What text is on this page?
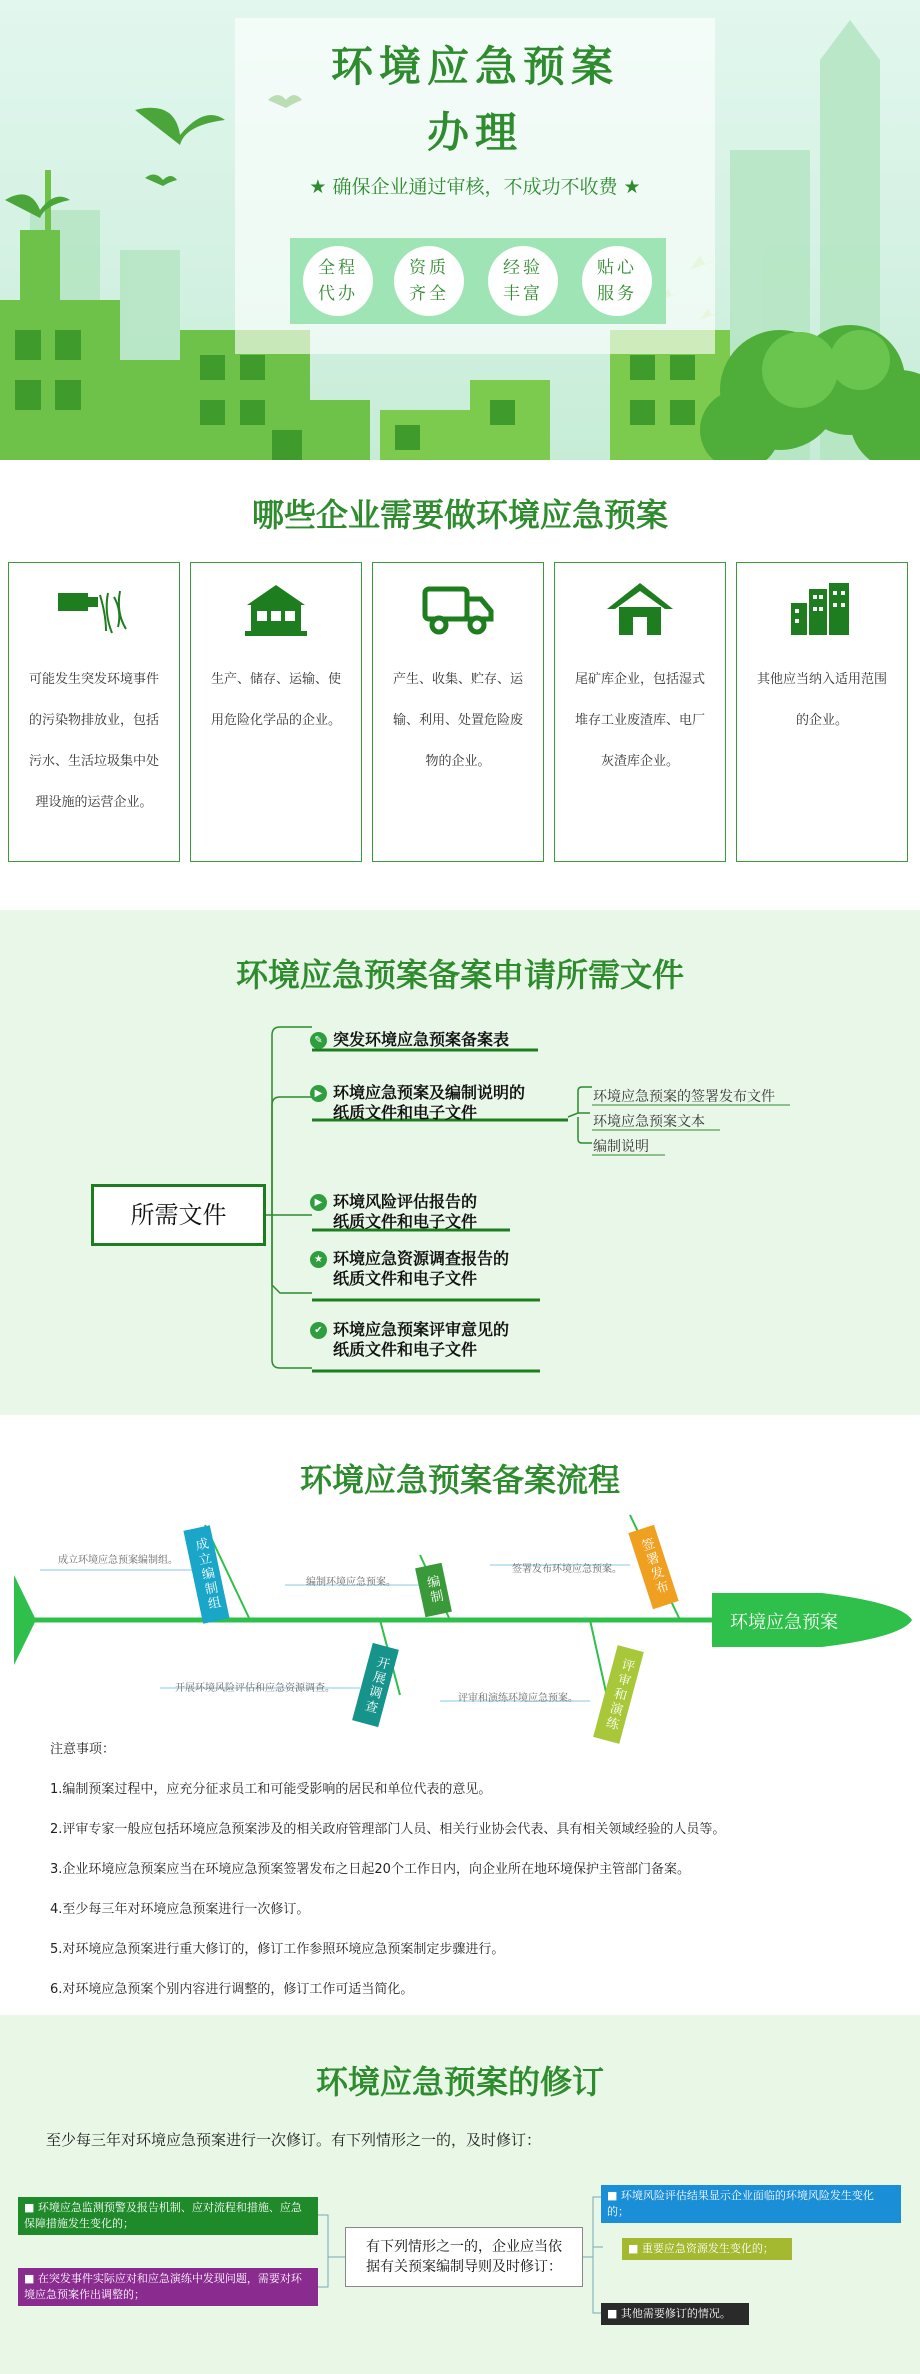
环境应急预案
办理
★ 确保企业通过审核，不成功不收费 ★
全程
代办
资质
齐全
经验
丰富
贴心
服务
哪些企业需要做环境应急预案
可能发生突发环境事件的污染物排放业，包括污水、生活垃圾集中处理设施的运营企业。
生产、储存、运输、使用危险化学品的企业。
产生、收集、贮存、运输、利用、处置危险废物的企业。
尾矿库企业，包括湿式堆存工业废渣库、电厂灰渣库企业。
其他应当纳入适用范围的企业。
环境应急预案备案申请所需文件
所需文件
✎ 突发环境应急预案备案表
▶ 环境应急预案及编制说明的
纸质文件和电子文件
▶ 环境风险评估报告的
纸质文件和电子文件
★ 环境应急资源调查报告的
纸质文件和电子文件
✔ 环境应急预案评审意见的
纸质文件和电子文件
环境应急预案的签署发布文件
环境应急预案文本
编制说明
环境应急预案备案流程
成立环境应急预案编制组。
编制环境应急预案。
签署发布环境应急预案。
开展环境风险评估和应急资源调查。
评审和演练环境应急预案。
成立编制组	编制	签署发布
开展调查	评审和演练
环境应急预案
注意事项：
1.编制预案过程中，应充分征求员工和可能受影响的居民和单位代表的意见。
2.评审专家一般应包括环境应急预案涉及的相关政府管理部门人员、相关行业协会代表、具有相关领域经验的人员等。
3.企业环境应急预案应当在环境应急预案签署发布之日起20个工作日内，向企业所在地环境保护主管部门备案。
4.至少每三年对环境应急预案进行一次修订。
5.对环境应急预案进行重大修订的，修订工作参照环境应急预案制定步骤进行。
6.对环境应急预案个别内容进行调整的，修订工作可适当简化。
环境应急预案的修订
至少每三年对环境应急预案进行一次修订。有下列情形之一的，及时修订：
■ 环境应急监测预警及报告机制、应对流程和措施、应急保障措施发生变化的；
■ 在突发事件实际应对和应急演练中发现问题，需要对环境应急预案作出调整的；
有下列情形之一的，企业应当依
据有关预案编制导则及时修订：
■ 环境风险评估结果显示企业面临的环境风险发生变化的；
■ 重要应急资源发生变化的；
■ 其他需要修订的情况。
